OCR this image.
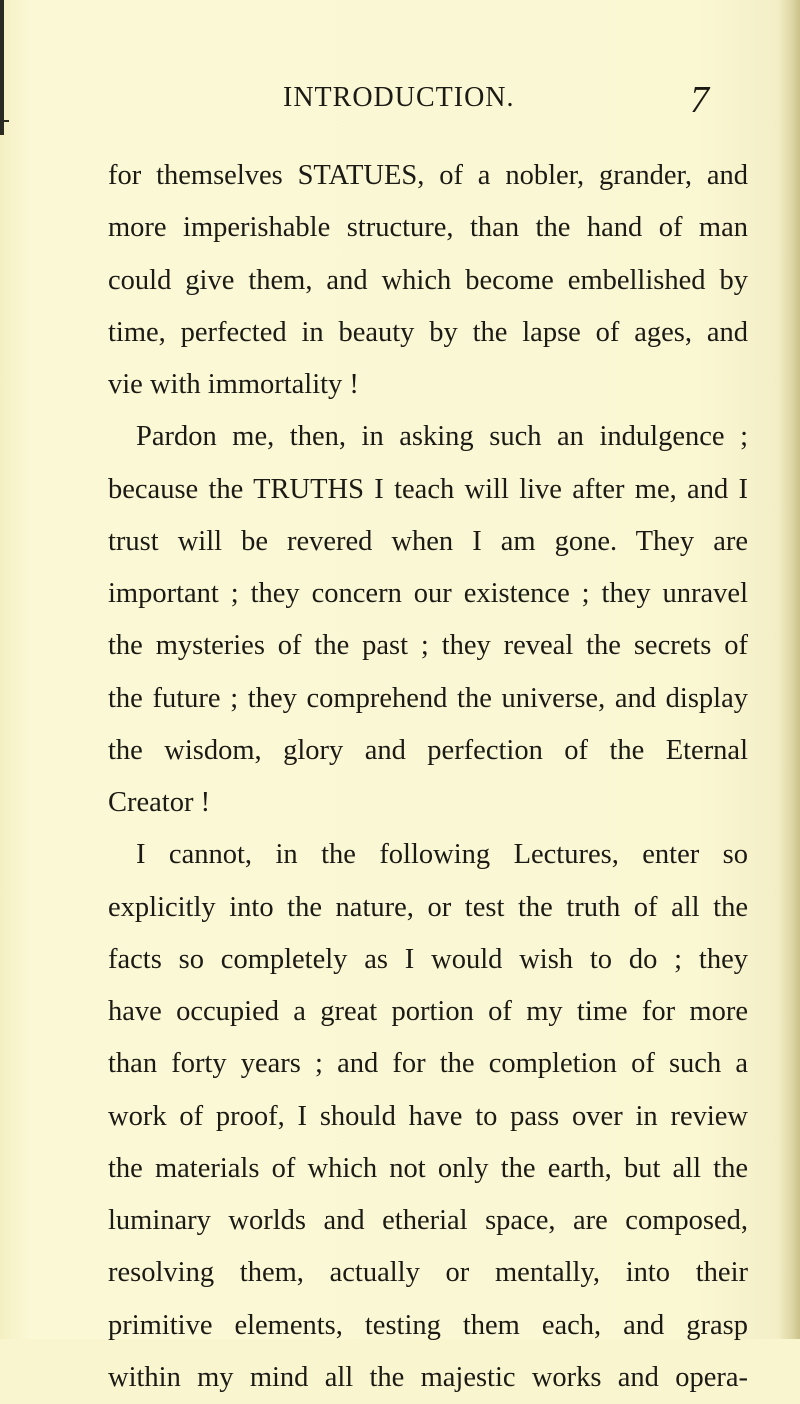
INTRODUCTION.	7
for themselves STATUES, of a nobler, grander, and
more imperishable structure, than the hand of man
could give them, and which become embellished by
time, perfected in beauty by the lapse of ages, and
vie with immortality !
Pardon me, then, in asking such an indulgence ;
because the TRUTHS I teach will live after me, and I
trust will be revered when I am gone. They are
important ; they concern our existence ; they unravel
the mysteries of the past ; they reveal the secrets of
the future ; they comprehend the universe, and display
the wisdom, glory and perfection of the Eternal
Creator !
I cannot, in the following Lectures, enter so
explicitly into the nature, or test the truth of all the
facts so completely as I would wish to do ; they
have occupied a great portion of my time for more
than forty years ; and for the completion of such a
work of proof, I should have to pass over in review
the materials of which not only the earth, but all the
luminary worlds and etherial space, are composed,
resolving them, actually or mentally, into their
primitive elements, testing them each, and grasp
within my mind all the majestic works and opera-
